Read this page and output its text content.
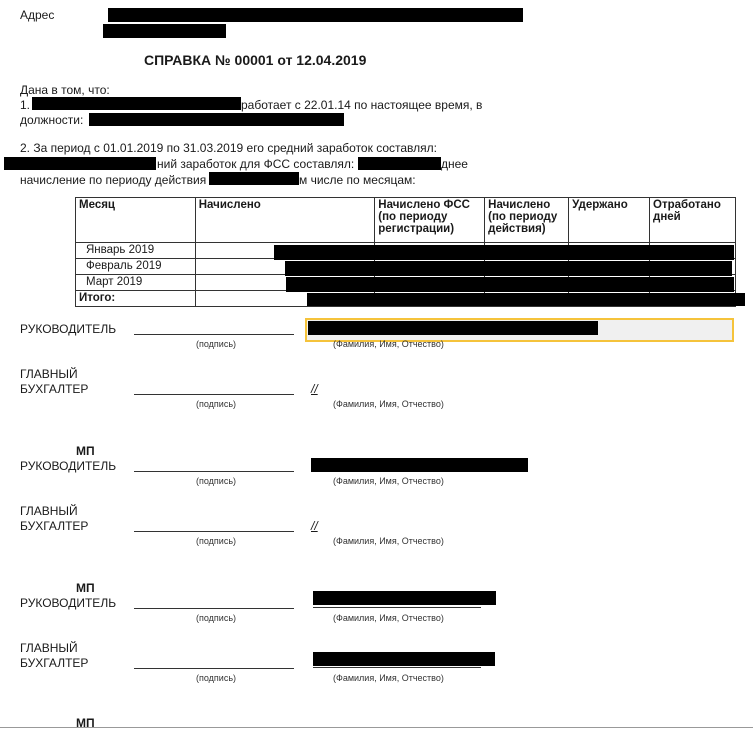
Адрес
СПРАВКА № 00001 от 12.04.2019
Дана в том, что:
1.	работает с 22.01.14 по настоящее время, в
должности:
2. За период с 01.01.2019 по 31.03.2019 его средний заработок составлял:
ний заработок для ФСС составлял:	днее
начисление по периоду действия	м числе по месяцам:
Месяц	Начислено	Начислено ФСС (по периоду регистрации)	Начислено (по периоду действия)	Удержано	Отработано дней
Январь 2019					
Февраль 2019					
Март 2019					
Итого:					
РУКОВОДИТЕЛЬ
(подпись)	(Фамилия, Имя, Отчество)
ГЛАВНЫЙ
БУХГАЛТЕР	//
(подпись)	(Фамилия, Имя, Отчество)
МП
РУКОВОДИТЕЛЬ
(подпись)	(Фамилия, Имя, Отчество)
ГЛАВНЫЙ
БУХГАЛТЕР	//
(подпись)	(Фамилия, Имя, Отчество)
МП
РУКОВОДИТЕЛЬ
(подпись)	(Фамилия, Имя, Отчество)
ГЛАВНЫЙ
БУХГАЛТЕР
(подпись)	(Фамилия, Имя, Отчество)
МП
